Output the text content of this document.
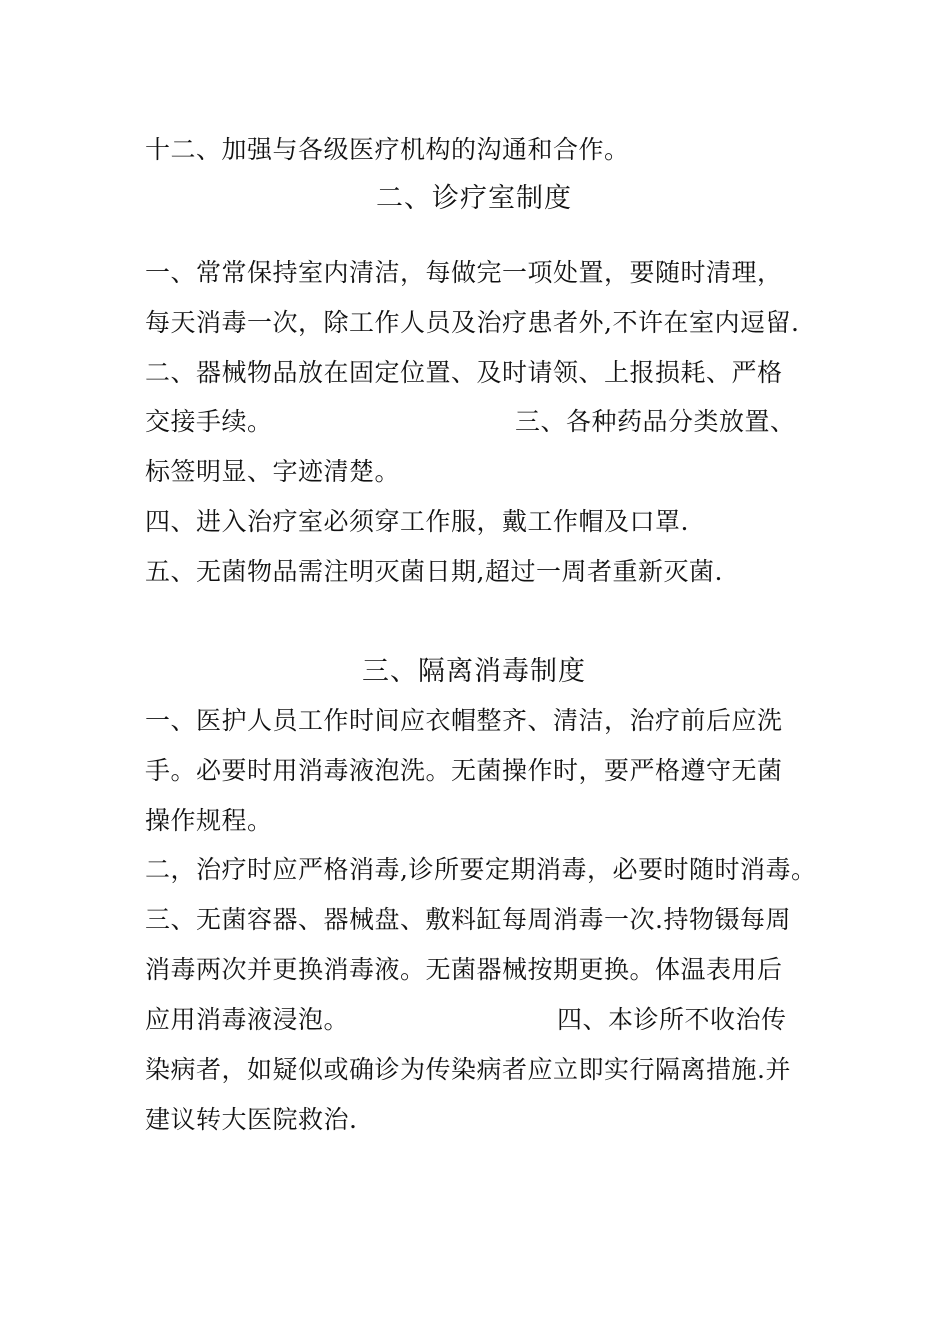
十二、加强与各级医疗机构的沟通和合作。
二、诊疗室制度
一、常常保持室内清洁，每做完一项处置，要随时清理，
每天消毒一次，除工作人员及治疗患者外,不许在室内逗留.
二、器械物品放在固定位置、及时请领、上报损耗、严格
交接手续。	三、各种药品分类放置、
标签明显、字迹清楚。
四、进入治疗室必须穿工作服，戴工作帽及口罩.
五、无菌物品需注明灭菌日期,超过一周者重新灭菌.
三、隔离消毒制度
一、医护人员工作时间应衣帽整齐、清洁，治疗前后应洗
手。必要时用消毒液泡洗。无菌操作时，要严格遵守无菌
操作规程。
二，治疗时应严格消毒,诊所要定期消毒，必要时随时消毒。
三、无菌容器、器械盘、敷料缸每周消毒一次.持物镊每周
消毒两次并更换消毒液。无菌器械按期更换。体温表用后
应用消毒液浸泡。	四、本诊所不收治传
染病者，如疑似或确诊为传染病者应立即实行隔离措施.并
建议转大医院救治.
